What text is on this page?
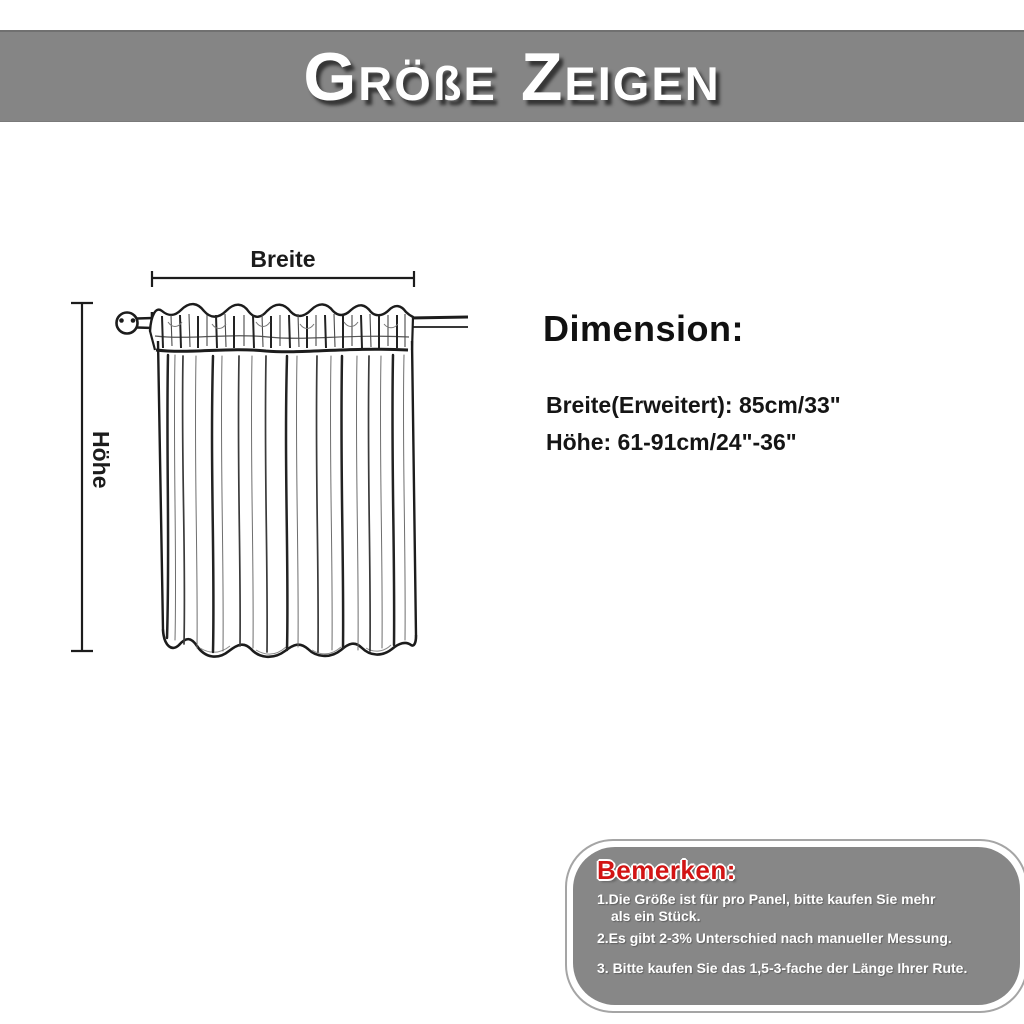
G RÖßE Z EIGEN
Breite
Höhe
Dimension:

Breite(Erweitert): 85cm/33"

Höhe: 61-91cm/24"-36"

Bemerken:

1.Die Größe ist für pro Panel, bitte kaufen Sie mehr
als ein Stück.

2.Es gibt 2-3% Unterschied nach manueller Messung.

3. Bitte kaufen Sie das 1,5-3-fache der Länge Ihrer Rute.
